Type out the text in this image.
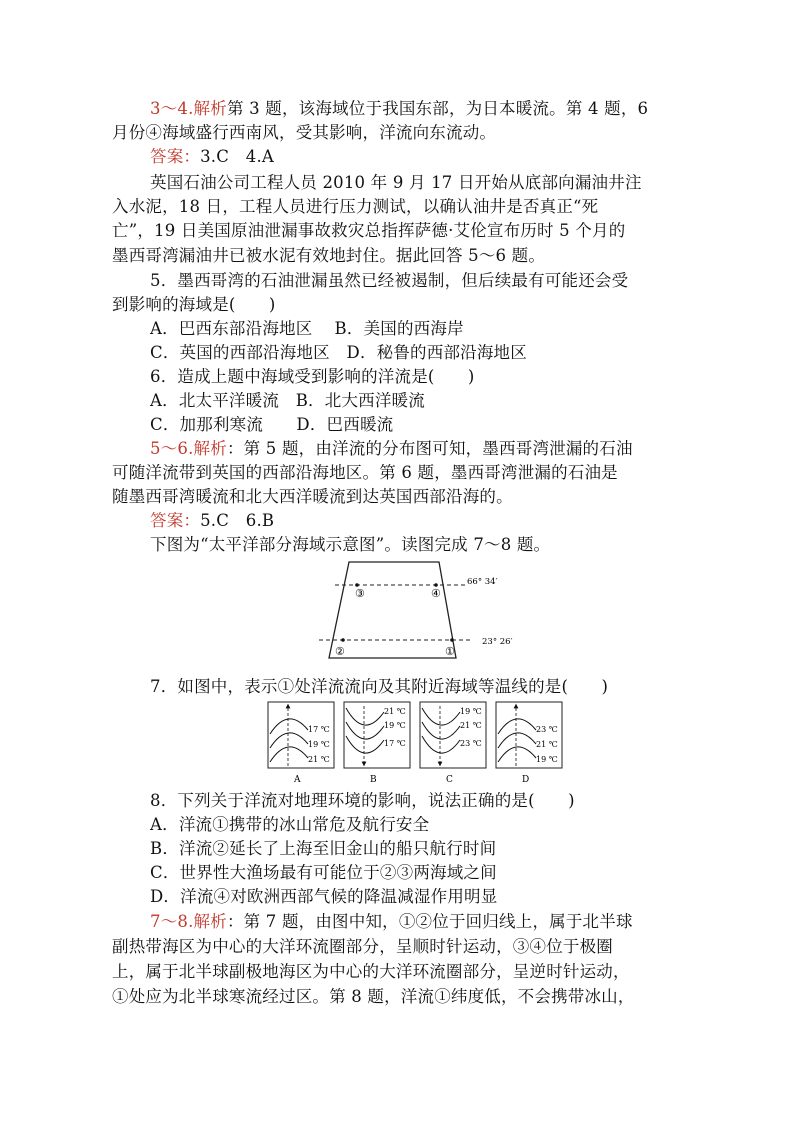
3～4.解析第 3 题，该海域位于我国东部，为日本暖流。第 4 题，6
月份④海域盛行西南风，受其影响，洋流向东流动。
答案：3.C　4.A
英国石油公司工程人员 2010 年 9 月 17 日开始从底部向漏油井注
入水泥，18 日，工程人员进行压力测试，以确认油井是否真正“死
亡”，19 日美国原油泄漏事故救灾总指挥萨德·艾伦宣布历时 5 个月的
墨西哥湾漏油井已被水泥有效地封住。据此回答 5～6 题。
5．墨西哥湾的石油泄漏虽然已经被遏制，但后续最有可能还会受
到影响的海域是(　　)
A．巴西东部沿海地区　 B．美国的西海岸
C．英国的西部沿海地区　D．秘鲁的西部沿海地区
6．造成上题中海域受到影响的洋流是(　　)
A．北太平洋暖流　B．北大西洋暖流
C．加那利寒流　　D．巴西暖流
5～6.解析：第 5 题，由洋流的分布图可知，墨西哥湾泄漏的石油
可随洋流带到英国的西部沿海地区。第 6 题，墨西哥湾泄漏的石油是
随墨西哥湾暖流和北大西洋暖流到达英国西部沿海的。
答案：5.C　6.B
下图为“太平洋部分海域示意图”。读图完成 7～8 题。
66° 34′
23° 26′
③	④
②	①
7．如图中，表示①处洋流流向及其附近海域等温线的是(　　)
17 ℃
19 ℃
21 ℃
A
21 ℃
19 ℃
17 ℃
B
19 ℃
21 ℃
23 ℃
C
23 ℃
21 ℃
19 ℃
D
8．下列关于洋流对地理环境的影响，说法正确的是(　　)
A．洋流①携带的冰山常危及航行安全
B．洋流②延长了上海至旧金山的船只航行时间
C．世界性大渔场最有可能位于②③两海域之间
D．洋流④对欧洲西部气候的降温减湿作用明显
7～8.解析：第 7 题，由图中知，①②位于回归线上，属于北半球
副热带海区为中心的大洋环流圈部分，呈顺时针运动，③④位于极圈
上，属于北半球副极地海区为中心的大洋环流圈部分，呈逆时针运动，
①处应为北半球寒流经过区。第 8 题，洋流①纬度低，不会携带冰山，
